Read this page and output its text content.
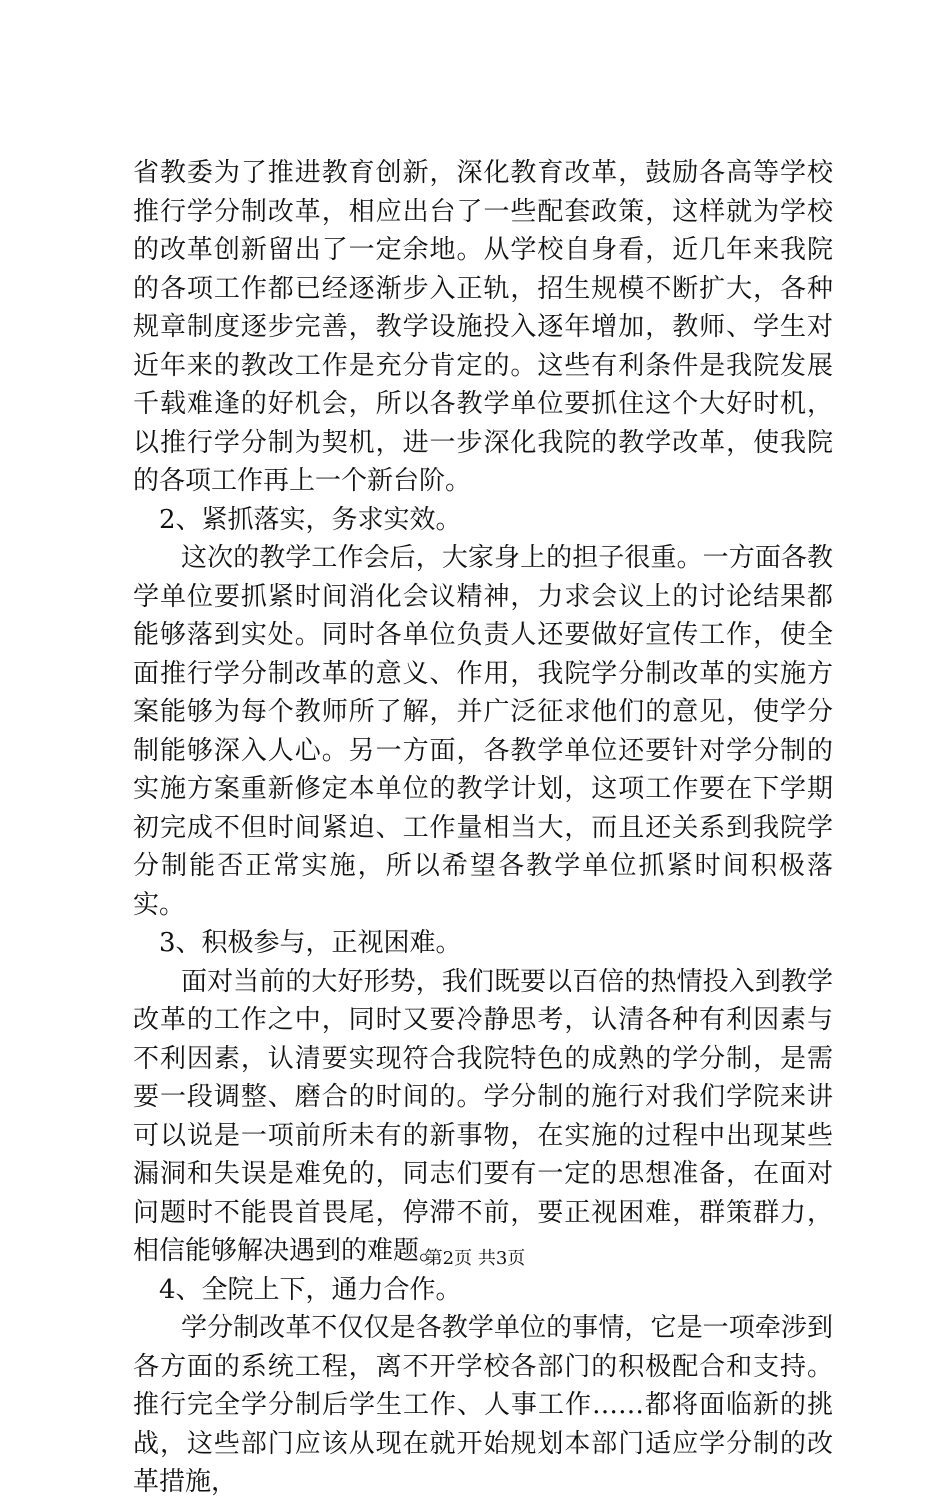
省教委为了推进教育创新，深化教育改革，鼓励各高等学校推行学分制改革，相应出台了一些配套政策，这样就为学校的改革创新留出了一定余地。从学校自身看，近几年来我院的各项工作都已经逐渐步入正轨，招生规模不断扩大，各种规章制度逐步完善，教学设施投入逐年增加，教师、学生对近年来的教改工作是充分肯定的。这些有利条件是我院发展千载难逢的好机会，所以各教学单位要抓住这个大好时机，以推行学分制为契机，进一步深化我院的教学改革，使我院的各项工作再上一个新台阶。

2、紧抓落实，务求实效。

这次的教学工作会后，大家身上的担子很重。一方面各教学单位要抓紧时间消化会议精神，力求会议上的讨论结果都能够落到实处。同时各单位负责人还要做好宣传工作，使全面推行学分制改革的意义、作用，我院学分制改革的实施方案能够为每个教师所了解，并广泛征求他们的意见，使学分制能够深入人心。另一方面，各教学单位还要针对学分制的实施方案重新修定本单位的教学计划，这项工作要在下学期初完成不但时间紧迫、工作量相当大，而且还关系到我院学分制能否正常实施，所以希望各教学单位抓紧时间积极落实。

3、积极参与，正视困难。

面对当前的大好形势，我们既要以百倍的热情投入到教学改革的工作之中，同时又要冷静思考，认清各种有利因素与不利因素，认清要实现符合我院特色的成熟的学分制，是需要一段调整、磨合的时间的。学分制的施行对我们学院来讲可以说是一项前所未有的新事物，在实施的过程中出现某些漏洞和失误是难免的，同志们要有一定的思想准备，在面对问题时不能畏首畏尾，停滞不前，要正视困难，群策群力，相信能够解决遇到的难题。

4、全院上下，通力合作。

学分制改革不仅仅是各教学单位的事情，它是一项牵涉到各方面的系统工程，离不开学校各部门的积极配合和支持。推行完全学分制后学生工作、人事工作……都将面临新的挑战，这些部门应该从现在就开始规划本部门适应学分制的改革措施，

第2页 共3页
